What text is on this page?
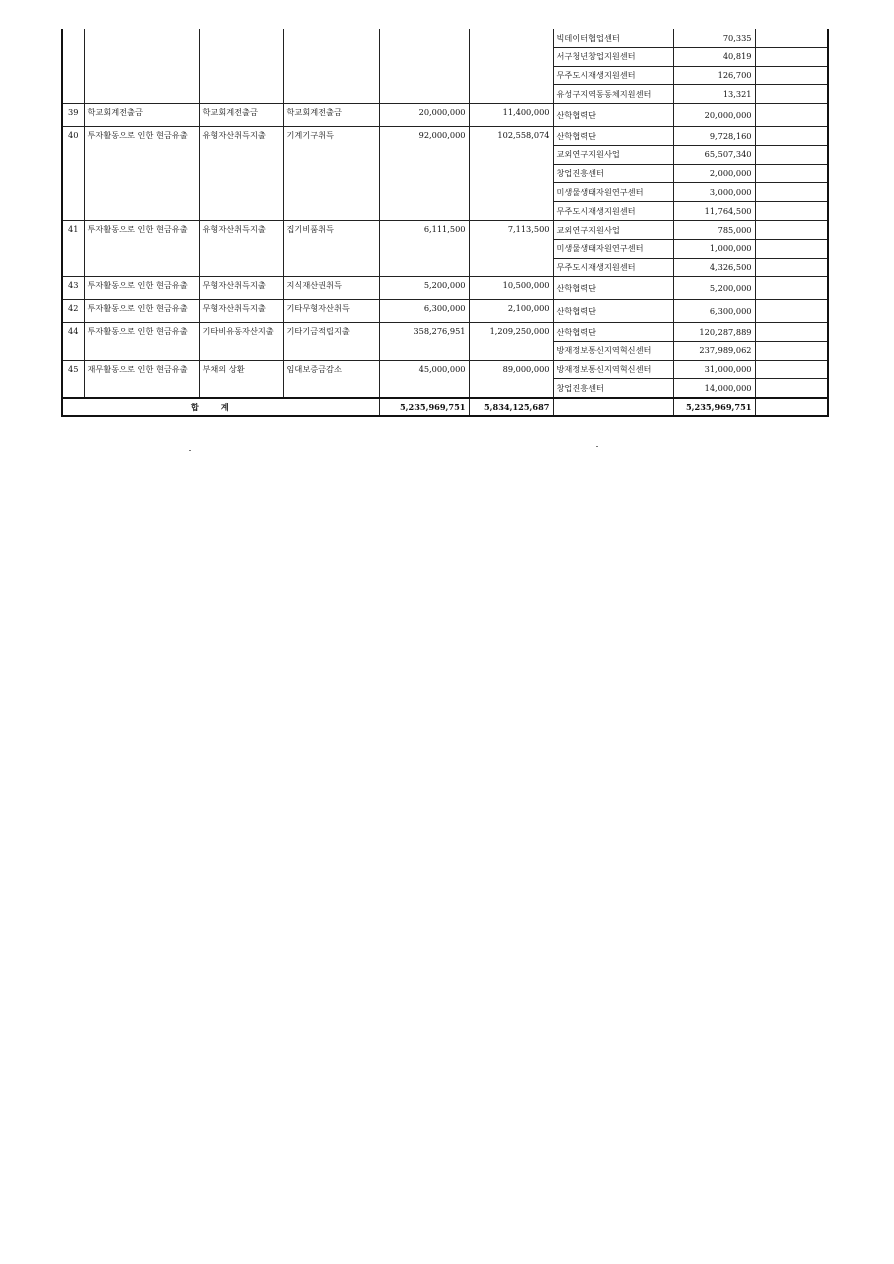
						빅데이터협업센터	70,335	
						서구청년창업지원센터	40,819	
						무주도시재생지원센터	126,700	
						유성구지역동동체지원센터	13,321	
39	학교회계전출금	학교회계전출금	학교회계전출금	20,000,000	11,400,000	산학협력단	20,000,000	
40	투자활동으로 인한 현금유출	유형자산취득지출	기계기구취득	92,000,000	102,558,074	산학협력단	9,728,160	
						교외연구지원사업	65,507,340	
						창업진흥센터	2,000,000	
						미생물생태자원연구센터	3,000,000	
						무주도시재생지원센터	11,764,500	
41	투자활동으로 인한 현금유출	유형자산취득지출	집기비품취득	6,111,500	7,113,500	교외연구지원사업	785,000	
						미생물생태자원연구센터	1,000,000	
						무주도시재생지원센터	4,326,500	
43	투자활동으로 인한 현금유출	무형자산취득지출	지식재산권취득	5,200,000	10,500,000	산학협력단	5,200,000	
42	투자활동으로 인한 현금유출	무형자산취득지출	기타무형자산취득	6,300,000	2,100,000	산학협력단	6,300,000	
44	투자활동으로 인한 현금유출	기타비유동자산지출	기타기금적립지출	358,276,951	1,209,250,000	산학협력단	120,287,889	
						방재정보통신지역혁신센터	237,989,062	
45	재무활동으로 인한 현금유출	부채의 상환	임대보증금감소	45,000,000	89,000,000	방재정보통신지역혁신센터	31,000,000	
						창업진흥센터	14,000,000	
합계				5,235,969,751	5,834,125,687		5,235,969,751	
